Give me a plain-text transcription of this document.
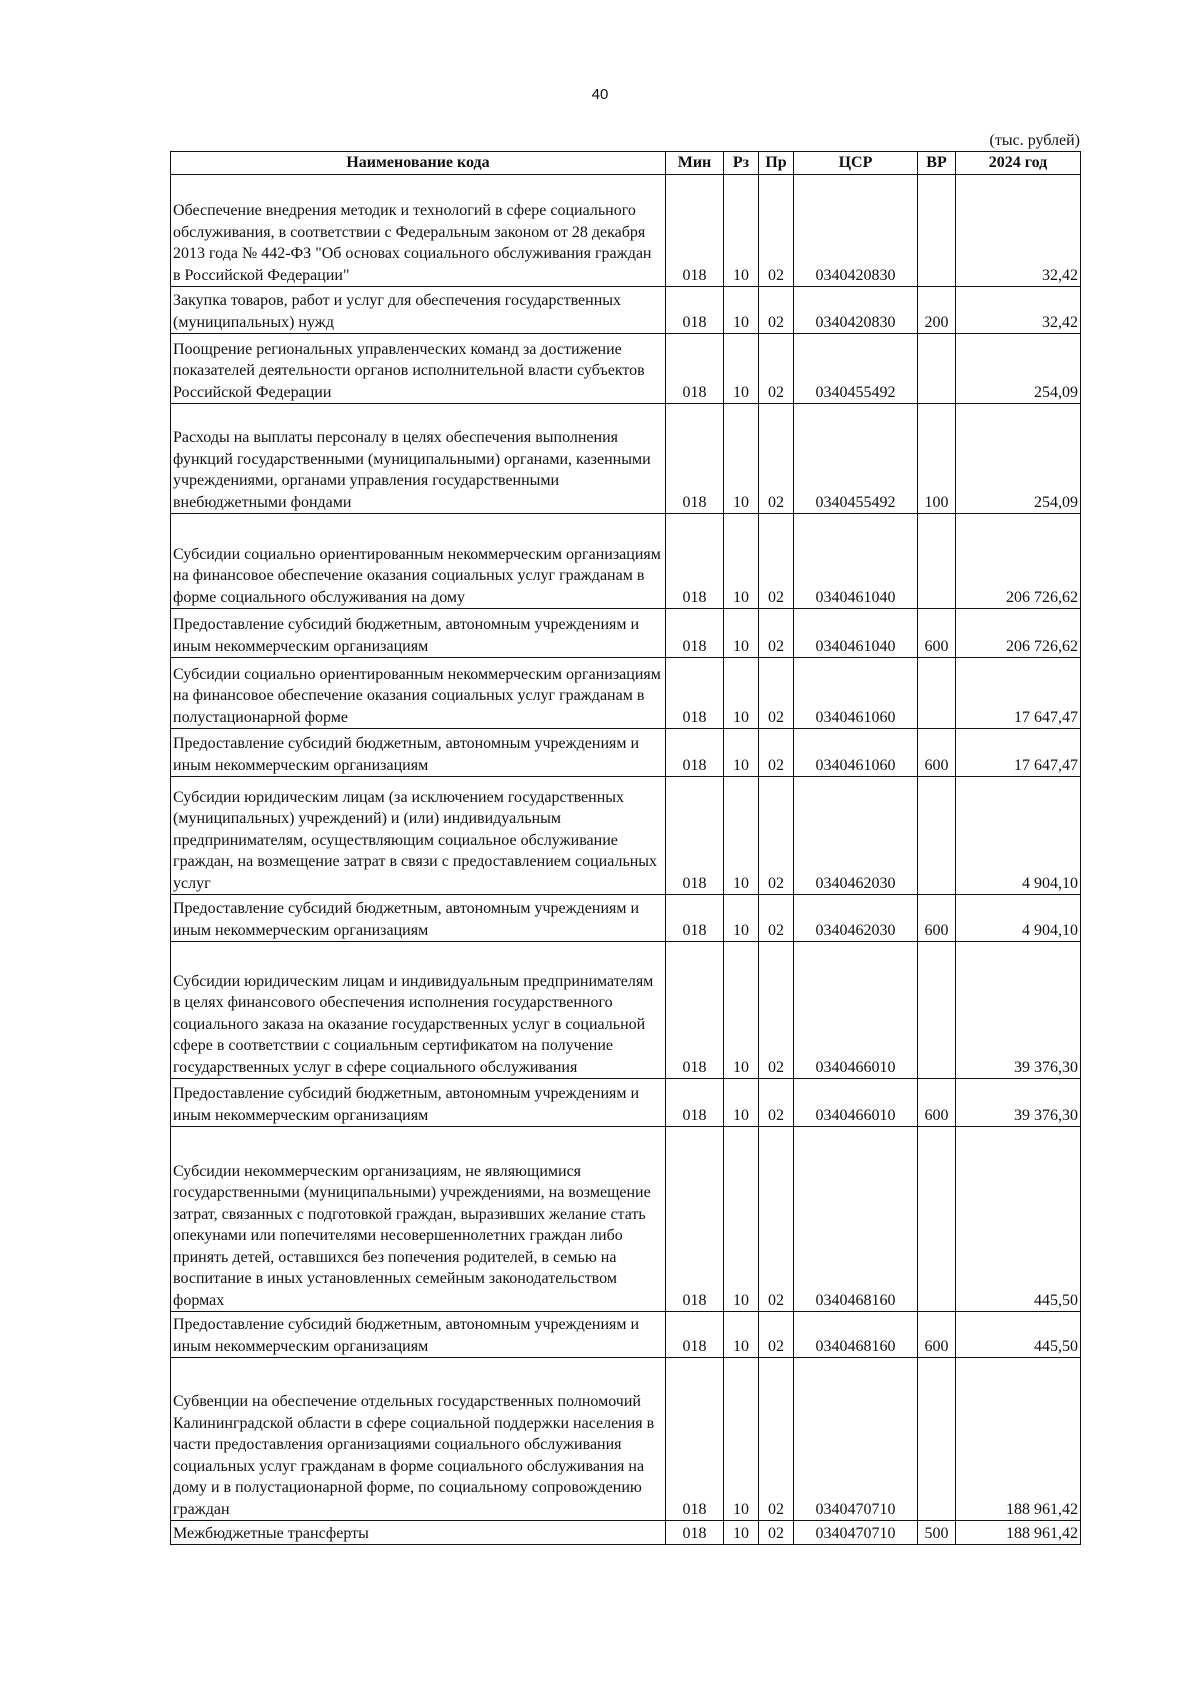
40
(тыс. рублей)
Наименование кода	Мин	Рз	Пр	ЦСР	ВР	2024 год
Обеспечение внедрения методик и технологий в сфере социального обслуживания, в соответствии с Федеральным законом от 28 декабря 2013 года № 442-ФЗ "Об основах социального обслуживания граждан в Российской Федерации"	018	10	02	0340420830		32,42
Закупка товаров, работ и услуг для обеспечения государственных (муниципальных) нужд	018	10	02	0340420830	200	32,42
Поощрение региональных управленческих команд за достижение показателей деятельности органов исполнительной власти субъектов Российской Федерации	018	10	02	0340455492		254,09
Расходы на выплаты персоналу в целях обеспечения выполнения функций государственными (муниципальными) органами, казенными учреждениями, органами управления государственными внебюджетными фондами	018	10	02	0340455492	100	254,09
Субсидии социально ориентированным некоммерческим организациям на финансовое обеспечение оказания социальных услуг гражданам в форме социального обслуживания на дому	018	10	02	0340461040		206 726,62
Предоставление субсидий бюджетным, автономным учреждениям и иным некоммерческим организациям	018	10	02	0340461040	600	206 726,62
Субсидии социально ориентированным некоммерческим организациям на финансовое обеспечение оказания социальных услуг гражданам в полустационарной форме	018	10	02	0340461060		17 647,47
Предоставление субсидий бюджетным, автономным учреждениям и иным некоммерческим организациям	018	10	02	0340461060	600	17 647,47
Субсидии юридическим лицам (за исключением государственных (муниципальных) учреждений) и (или) индивидуальным предпринимателям, осуществляющим социальное обслуживание граждан, на возмещение затрат в связи с предоставлением социальных услуг	018	10	02	0340462030		4 904,10
Предоставление субсидий бюджетным, автономным учреждениям и иным некоммерческим организациям	018	10	02	0340462030	600	4 904,10
Субсидии юридическим лицам и индивидуальным предпринимателям в целях финансового обеспечения исполнения государственного социального заказа на оказание государственных услуг в социальной сфере в соответствии с социальным сертификатом на получение государственных услуг в сфере социального обслуживания	018	10	02	0340466010		39 376,30
Предоставление субсидий бюджетным, автономным учреждениям и иным некоммерческим организациям	018	10	02	0340466010	600	39 376,30
Субсидии некоммерческим организациям, не являющимися государственными (муниципальными) учреждениями, на возмещение затрат, связанных с подготовкой граждан, выразивших желание стать опекунами или попечителями несовершеннолетних граждан либо принять детей, оставшихся без попечения родителей, в семью на воспитание в иных установленных семейным законодательством формах	018	10	02	0340468160		445,50
Предоставление субсидий бюджетным, автономным учреждениям и иным некоммерческим организациям	018	10	02	0340468160	600	445,50
Субвенции на обеспечение отдельных государственных полномочий Калининградской области в сфере социальной поддержки населения в части предоставления организациями социального обслуживания социальных услуг гражданам в форме социального обслуживания на дому и в полустационарной форме, по социальному сопровождению граждан	018	10	02	0340470710		188 961,42
Межбюджетные трансферты	018	10	02	0340470710	500	188 961,42
